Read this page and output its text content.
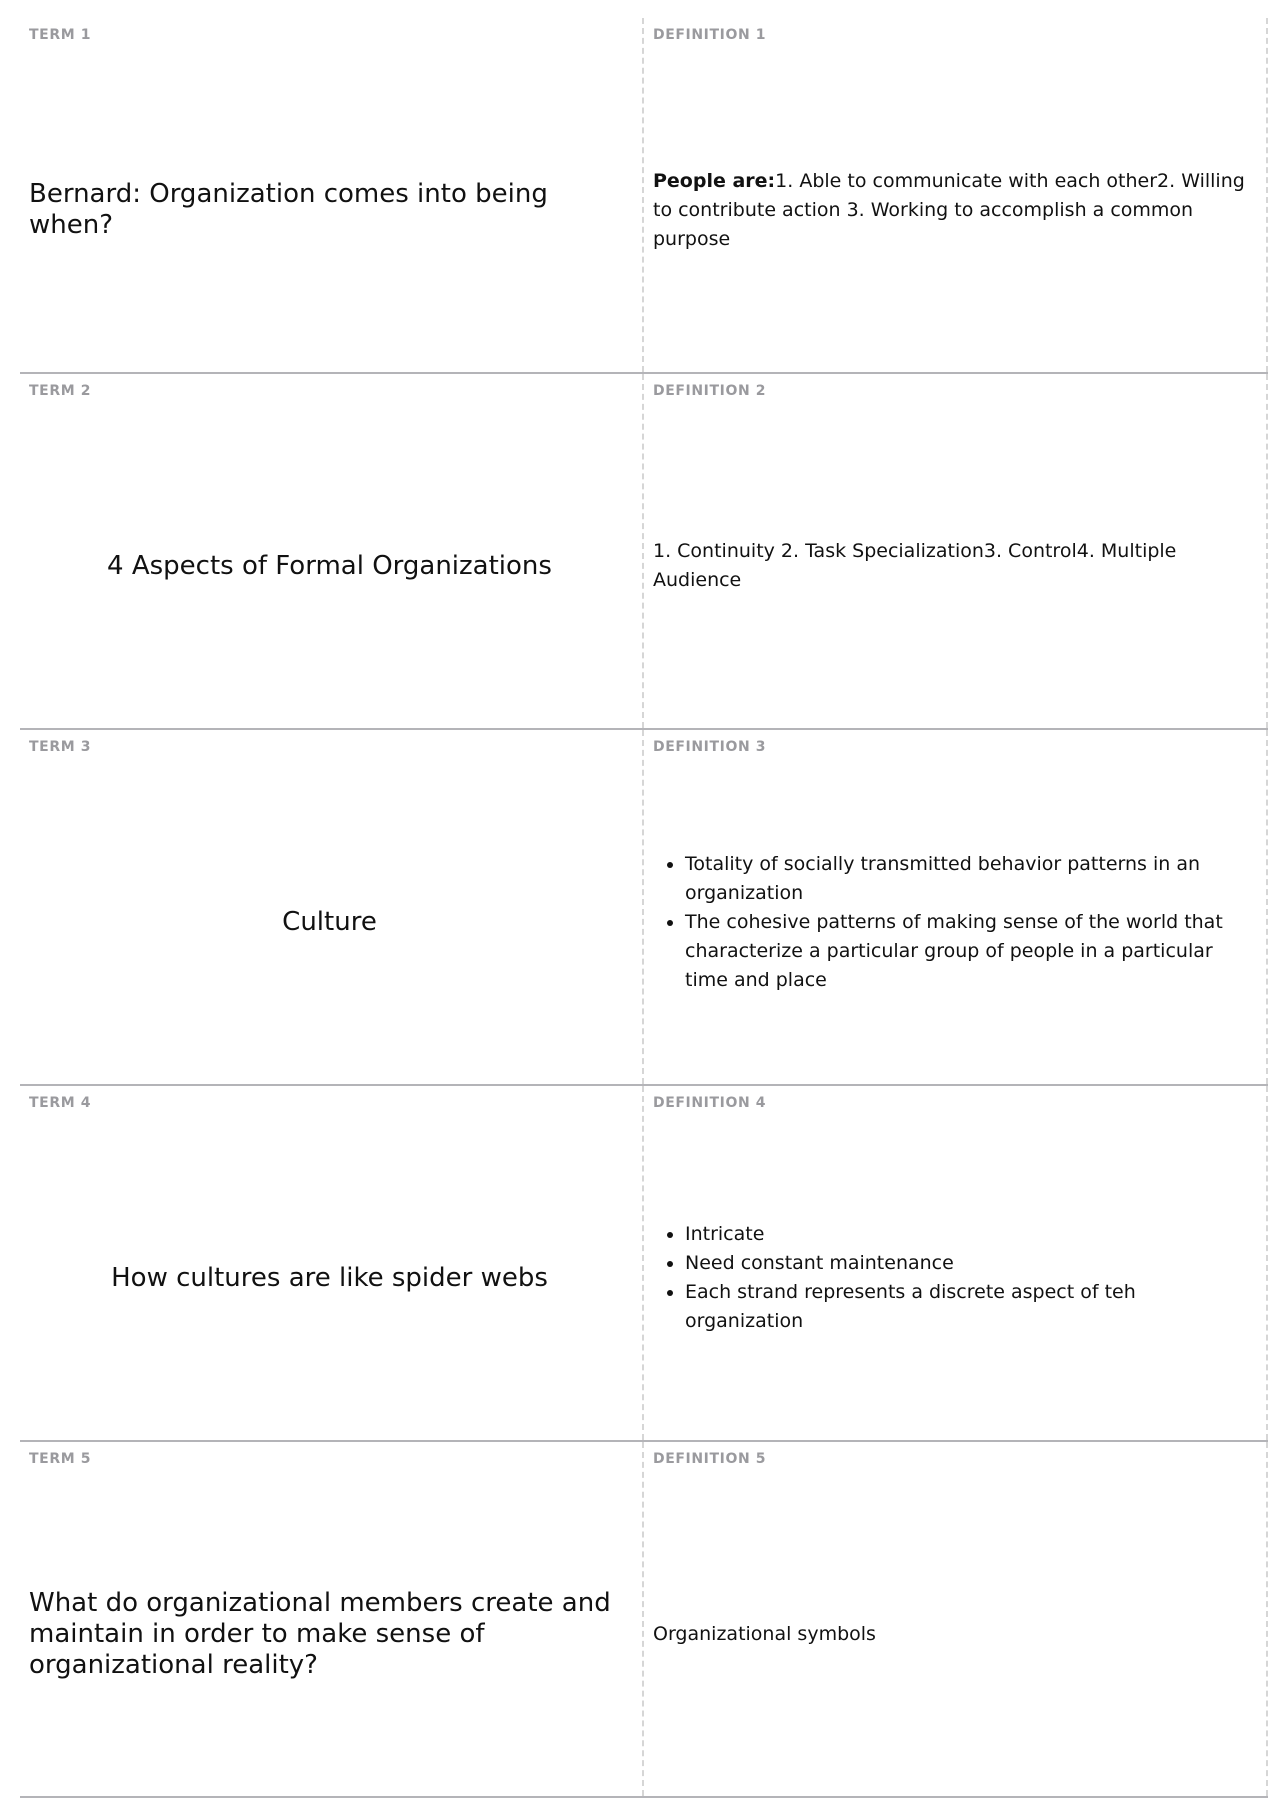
TERM 1
Bernard: Organization comes into being when?
DEFINITION 1
People are:1. Able to communicate with each other2. Willing to contribute action 3. Working to accomplish a common purpose
TERM 2
4 Aspects of Formal Organizations
DEFINITION 2
1. Continuity 2. Task Specialization3. Control4. Multiple Audience
TERM 3
Culture
DEFINITION 3
• Totality of socially transmitted behavior patterns in an organization
• The cohesive patterns of making sense of the world that characterize a particular group of people in a particular time and place
TERM 4
How cultures are like spider webs
DEFINITION 4
• Intricate
• Need constant maintenance
• Each strand represents a discrete aspect of teh organization
TERM 5
What do organizational members create and maintain in order to make sense of organizational reality?
DEFINITION 5
Organizational symbols
